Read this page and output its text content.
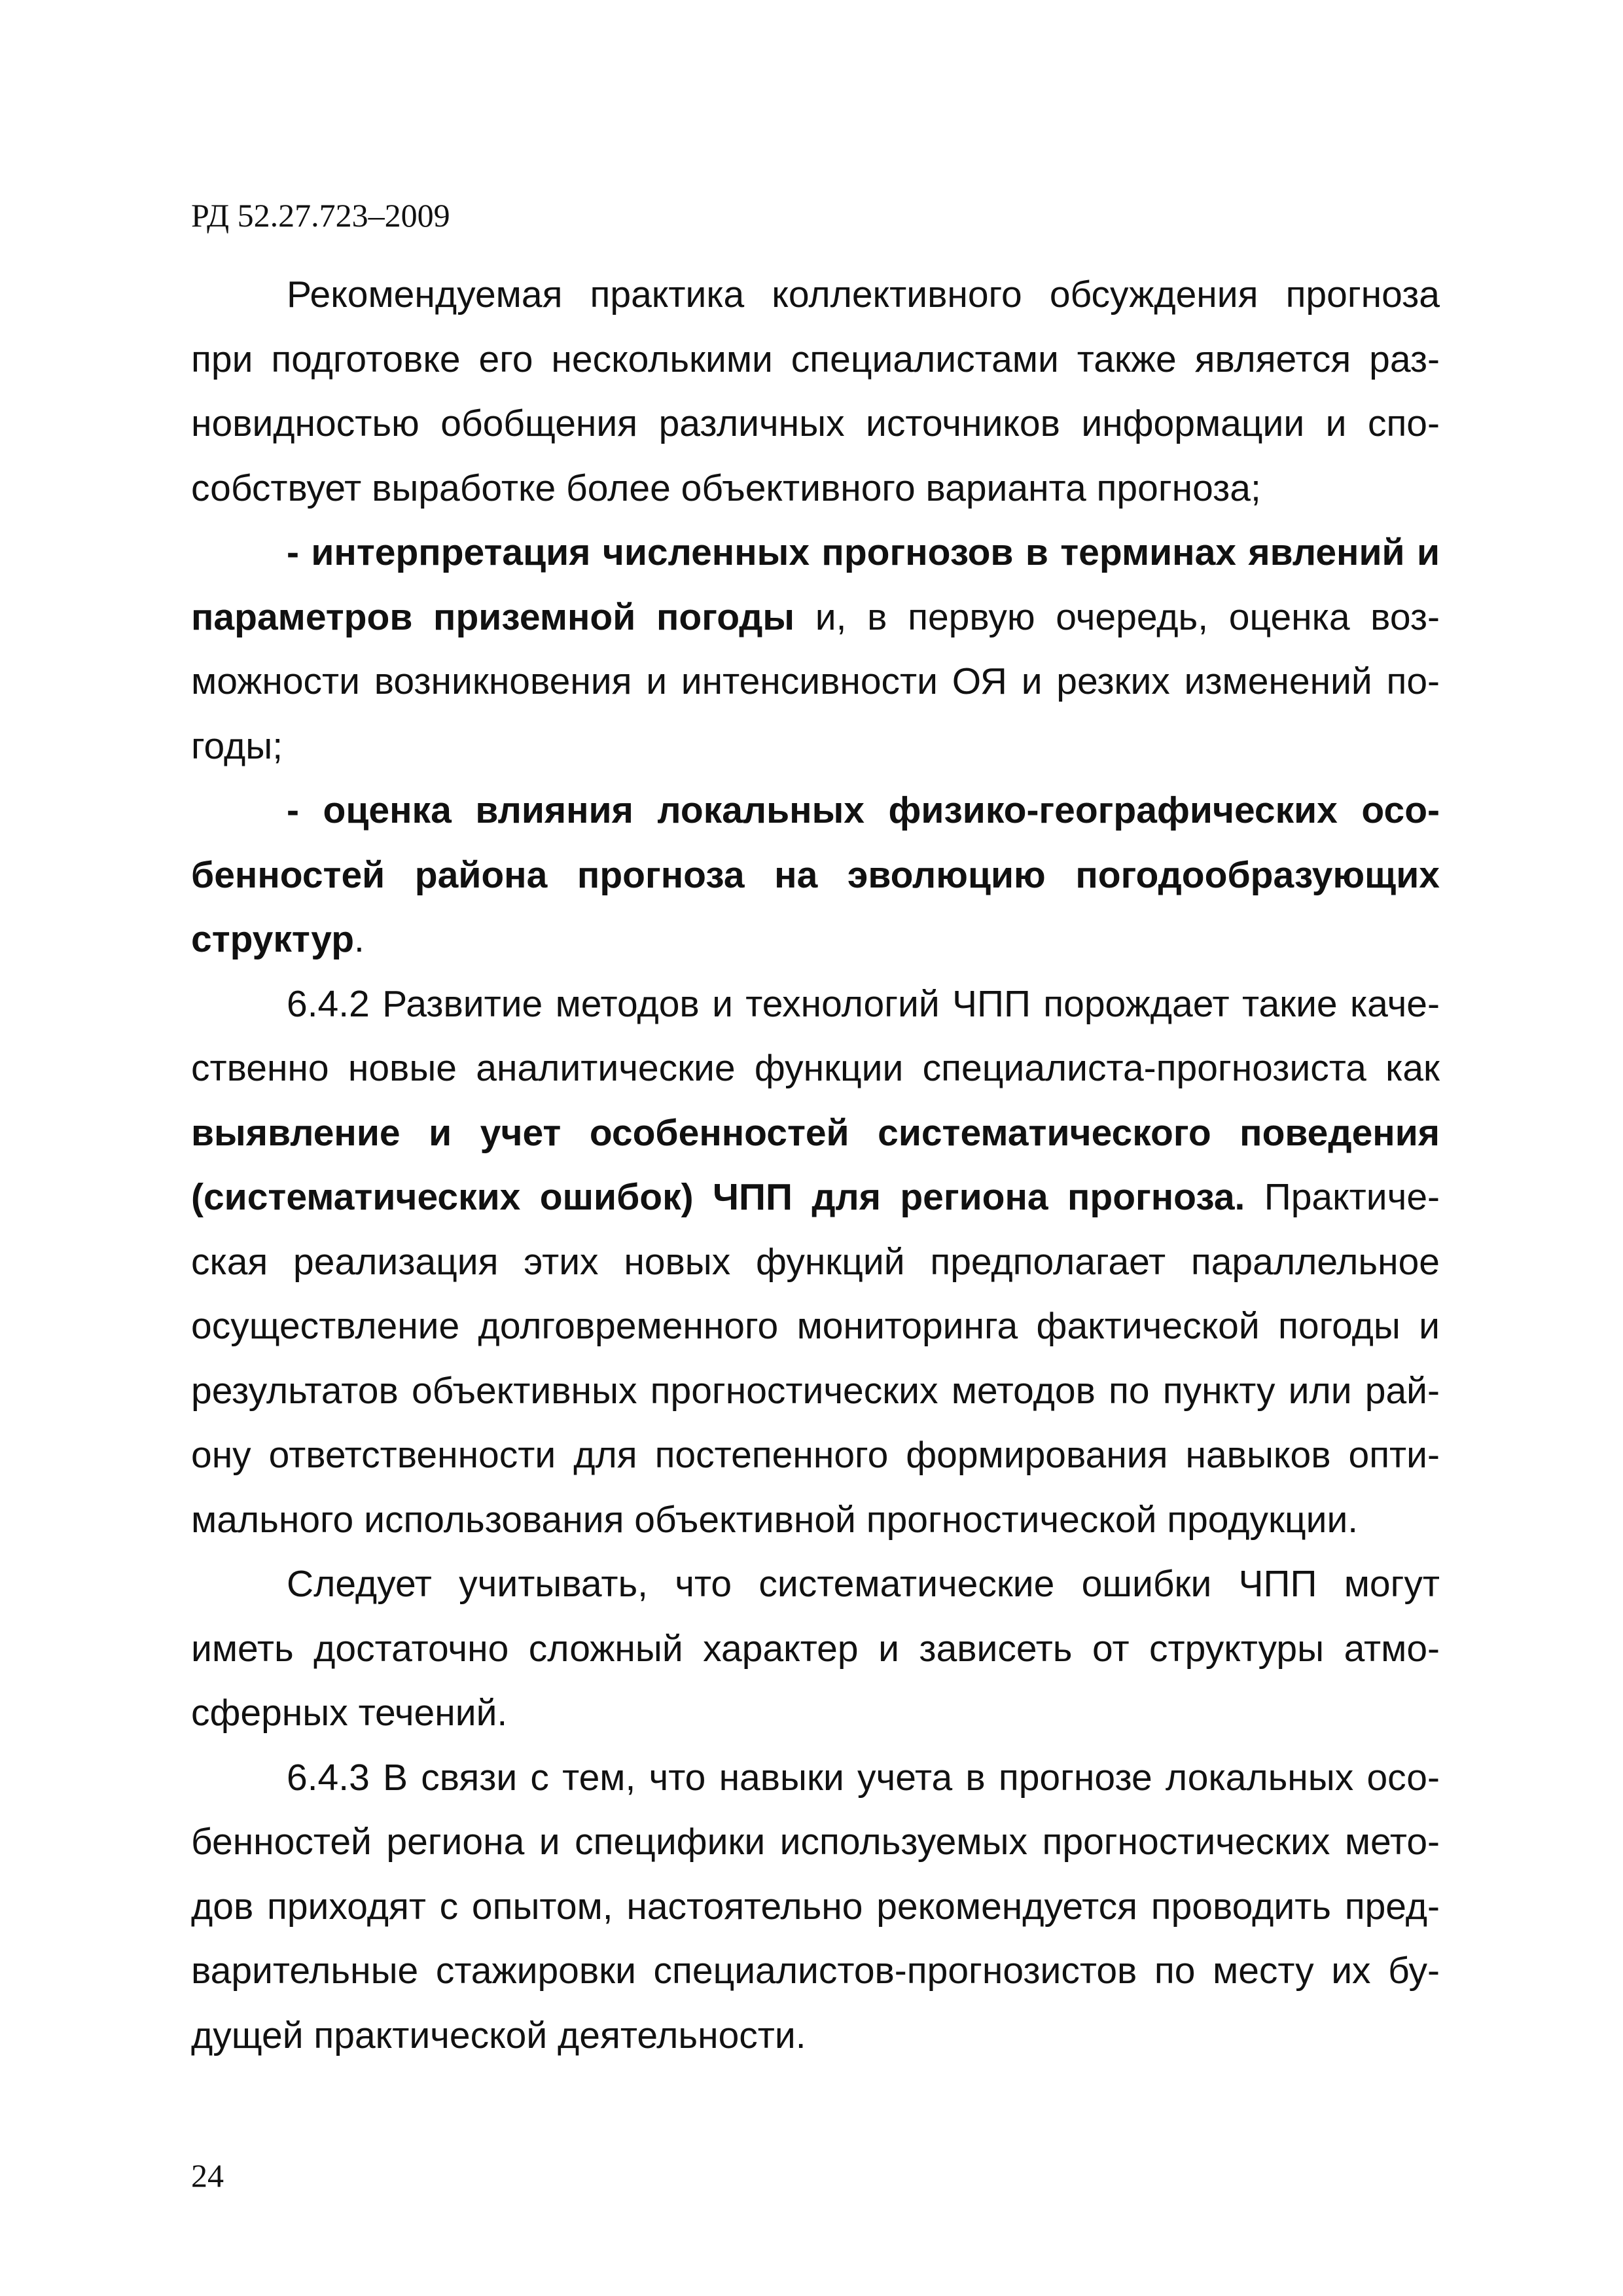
РД 52.27.723–2009
Рекомендуемая практика коллективного обсуждения прогноза
при подготовке его несколькими специалистами также является раз-
новидностью обобщения различных источников информации и спо-
собствует выработке более объективного варианта прогноза;
- интерпретация численных прогнозов в терминах явлений и
параметров приземной погоды и, в первую очередь, оценка воз-
можности возникновения и интенсивности ОЯ и резких изменений по-
годы;
- оценка влияния локальных физико-географических осо-
бенностей района прогноза на эволюцию погодообразующих
структур.
6.4.2 Развитие методов и технологий ЧПП порождает такие каче-
ственно новые аналитические функции специалиста-прогнозиста как
выявление и учет особенностей систематического поведения
(систематических ошибок) ЧПП для региона прогноза. Практиче-
ская реализация этих новых функций предполагает параллельное
осуществление долговременного мониторинга фактической погоды и
результатов объективных прогностических методов по пункту или рай-
ону ответственности для постепенного формирования навыков опти-
мального использования объективной прогностической продукции.
Следует учитывать, что систематические ошибки ЧПП могут
иметь достаточно сложный характер и зависеть от структуры атмо-
сферных течений.
6.4.3 В связи с тем, что навыки учета в прогнозе локальных осо-
бенностей региона и специфики используемых прогностических мето-
дов приходят с опытом, настоятельно рекомендуется проводить пред-
варительные стажировки специалистов-прогнозистов по месту их бу-
дущей практической деятельности.
24
